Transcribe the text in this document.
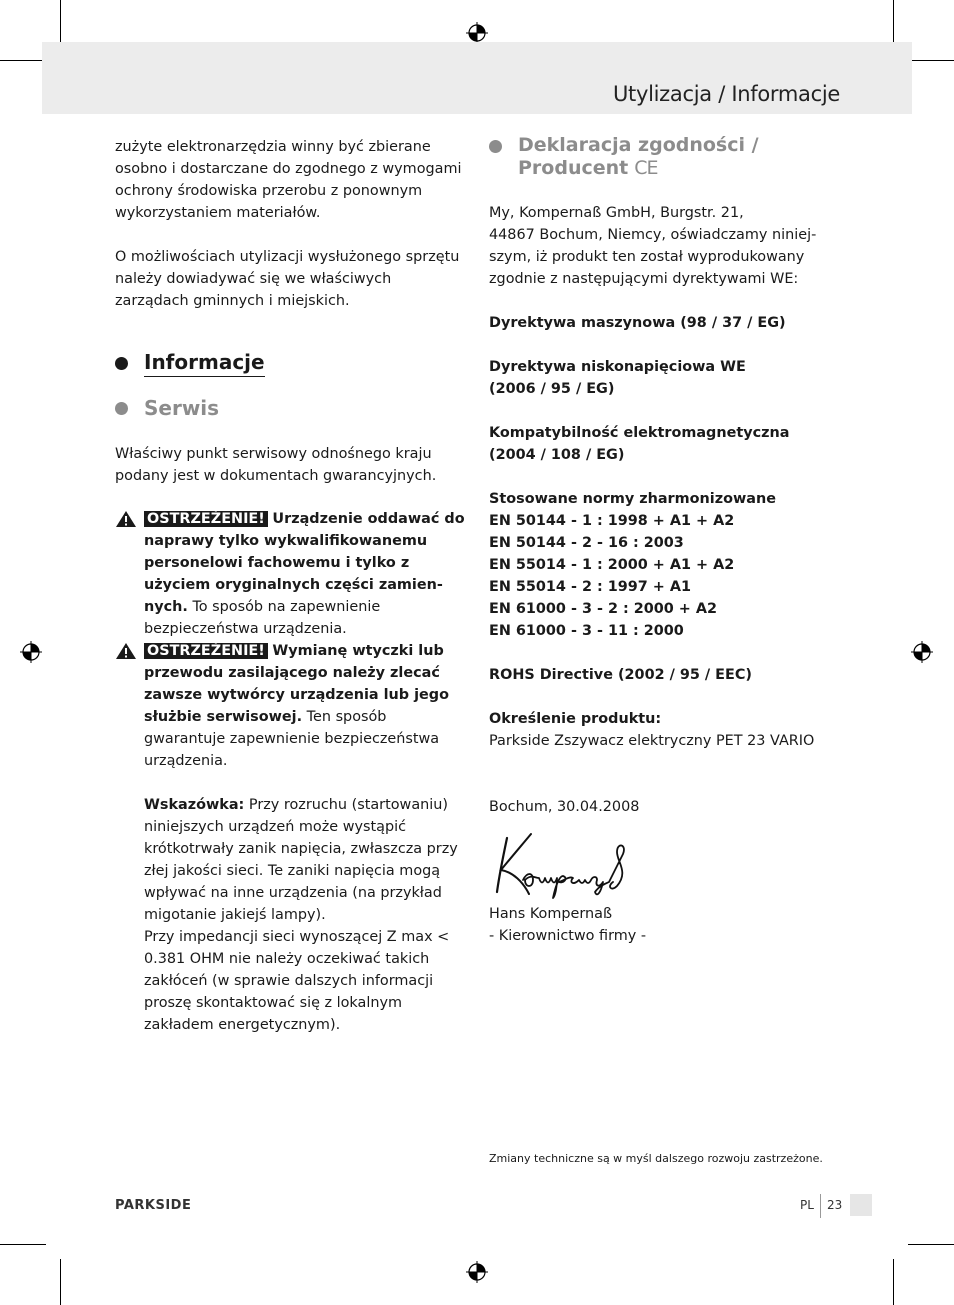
Utylizacja / Informacje

zużyte elektronarzędzia winny być zbierane osobno i dostarczane do zgodnego z wymogami ochrony środowiska przerobu z ponownym wykorzystaniem materiałów.

O możliwościach utylizacji wysłużonego sprzętu należy dowiadywać się we właściwych zarządach gminnych i miejskich.

Informacje
Serwis

Właściwy punkt serwisowy odnośnego kraju podany jest w dokumentach gwarancyjnych.

OSTRZEŻENIE! Urządzenie oddawać do naprawy tylko wykwalifikowanemu personelowi fachowemu i tylko z użyciem oryginalnych części zamiennych. To sposób na zapewnienie bezpieczeństwa urządzenia.
OSTRZEŻENIE! Wymianę wtyczki lub przewodu zasilającego należy zlecać zawsze wytwórcy urządzenia lub jego służbie serwisowej. Ten sposób gwarantuje zapewnienie bezpieczeństwa urządzenia.
Wskazówka: Przy rozruchu (startowaniu) niniejszych urządzeń może wystąpić krótkotrwały zanik napięcia, zwłaszcza przy złej jakości sieci. Te zaniki napięcia mogą wpływać na inne urządzenia (na przykład migotanie jakiejś lampy).
Przy impedancji sieci wynoszącej Z max < 0.381 OHM nie należy oczekiwać takich zakłóceń (w sprawie dalszych informacji proszę skontaktować się z lokalnym zakładem energetycznym).
Deklaracja zgodności /
Producent CE

My, Kompernaß GmbH, Burgstr. 21,

44867 Bochum, Niemcy, oświadczamy niniejszym, iż produkt ten został wyprodukowany zgodnie z następującymi dyrektywami WE:

Dyrektywa maszynowa (98 / 37 / EG)

Dyrektywa niskonapięciowa WE

(2006 / 95 / EG)

Kompatybilność elektromagnetyczna

(2004 / 108 / EG)

Stosowane normy zharmonizowane

EN 50144 - 1 : 1998 + A1 + A2

EN 50144 - 2 - 16 : 2003

EN 55014 - 1 : 2000 + A1 + A2

EN 55014 - 2 : 1997 + A1

EN 61000 - 3 - 2 : 2000 + A2

EN 61000 - 3 - 11 : 2000

ROHS Directive (2002 / 95 / EEC)

Określenie produktu:

Parkside Zszywacz elektryczny PET 23 VARIO

Bochum, 30.04.2008

Hans Kompernaß

- Kierownictwo firmy -

Zmiany techniczne są w myśl dalszego rozwoju zastrzeżone.
PARKSIDE	PL 23
